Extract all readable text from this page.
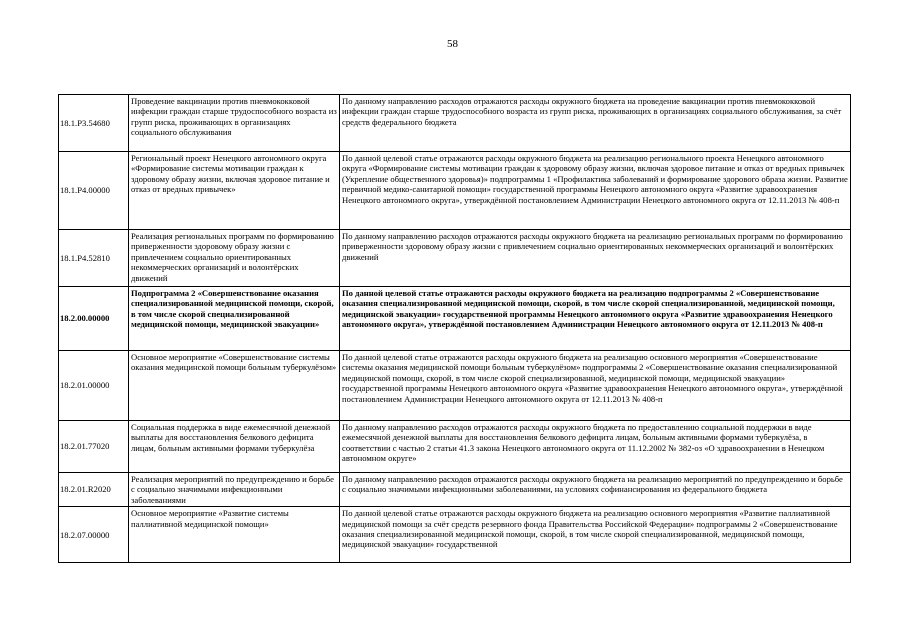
58
18.1.P3.54680	Проведение вакцинации против пневмококковой инфекции граждан старше трудоспособного возраста из групп риска, проживающих в организациях социального обслуживания	По данному направлению расходов отражаются расходы окружного бюджета на проведение вакцинации против пневмококковой инфекции граждан старше трудоспособного возраста из групп риска, проживающих в организациях социального обслуживания, за счёт средств федерального бюджета
18.1.P4.00000	Региональный проект Ненецкого автономного округа «Формирование системы мотивации граждан к здоровому образу жизни, включая здоровое питание и отказ от вредных привычек»	По данной целевой статье отражаются расходы окружного бюджета на реализацию регионального проекта Ненецкого автономного округа «Формирование системы мотивации граждан к здоровому образу жизни, включая здоровое питание и отказ от вредных привычек (Укрепление общественного здоровья)» подпрограммы 1 «Профилактика заболеваний и формирование здорового образа жизни. Развитие первичной медико-санитарной помощи» государственной программы Ненецкого автономного округа «Развитие здравоохранения Ненецкого автономного округа», утверждённой постановлением Администрации Ненецкого автономного округа от 12.11.2013 № 408-п
18.1.P4.52810	Реализация региональных программ по формированию приверженности здоровому образу жизни с привлечением социально ориентированных некоммерческих организаций и волонтёрских движений	По данному направлению расходов отражаются расходы окружного бюджета на реализацию региональных программ по формированию приверженности здоровому образу жизни с привлечением социально ориентированных некоммерческих организаций и волонтёрских движений
18.2.00.00000	Подпрограмма 2 «Совершенствование оказания специализированной медицинской помощи, скорой, в том числе скорой специализированной медицинской помощи, медицинской эвакуации»	По данной целевой статье отражаются расходы окружного бюджета на реализацию подпрограммы 2 «Совершенствование оказания специализированной медицинской помощи, скорой, в том числе скорой специализированной, медицинской помощи, медицинской эвакуации» государственной программы Ненецкого автономного округа «Развитие здравоохранения Ненецкого автономного округа», утверждённой постановлением Администрации Ненецкого автономного округа от 12.11.2013 № 408-п
18.2.01.00000	Основное мероприятие «Совершенствование системы оказания медицинской помощи больным туберкулёзом»	По данной целевой статье отражаются расходы окружного бюджета на реализацию основного мероприятия «Совершенствование системы оказания медицинской помощи больным туберкулёзом» подпрограммы 2 «Совершенствование оказания специализированной медицинской помощи, скорой, в том числе скорой специализированной, медицинской помощи, медицинской эвакуации» государственной программы Ненецкого автономного округа «Развитие здравоохранения Ненецкого автономного округа», утверждённой постановлением Администрации Ненецкого автономного округа от 12.11.2013 № 408-п
18.2.01.77020	Социальная поддержка в виде ежемесячной денежной выплаты для восстановления белкового дефицита лицам, больным активными формами туберкулёза	По данному направлению расходов отражаются расходы окружного бюджета по предоставлению социальной поддержки в виде ежемесячной денежной выплаты для восстановления белкового дефицита лицам, больным активными формами туберкулёза, в соответствии с частью 2 статьи 41.3 закона Ненецкого автономного округа от 11.12.2002 № 382-оз «О здравоохранении в Ненецком автономном округе»
18.2.01.R2020	Реализация мероприятий по предупреждению и борьбе с социально значимыми инфекционными заболеваниями	По данному направлению расходов отражаются расходы окружного бюджета на реализацию мероприятий по предупреждению и борьбе с социально значимыми инфекционными заболеваниями, на условиях софинансирования из федерального бюджета
18.2.07.00000	Основное мероприятие «Развитие системы паллиативной медицинской помощи»	По данной целевой статье отражаются расходы окружного бюджета на реализацию основного мероприятия «Развитие паллиативной медицинской помощи за счёт средств резервного фонда Правительства Российской Федерации» подпрограммы 2 «Совершенствование оказания специализированной медицинской помощи, скорой, в том числе скорой специализированной, медицинской помощи, медицинской эвакуации» государственной
